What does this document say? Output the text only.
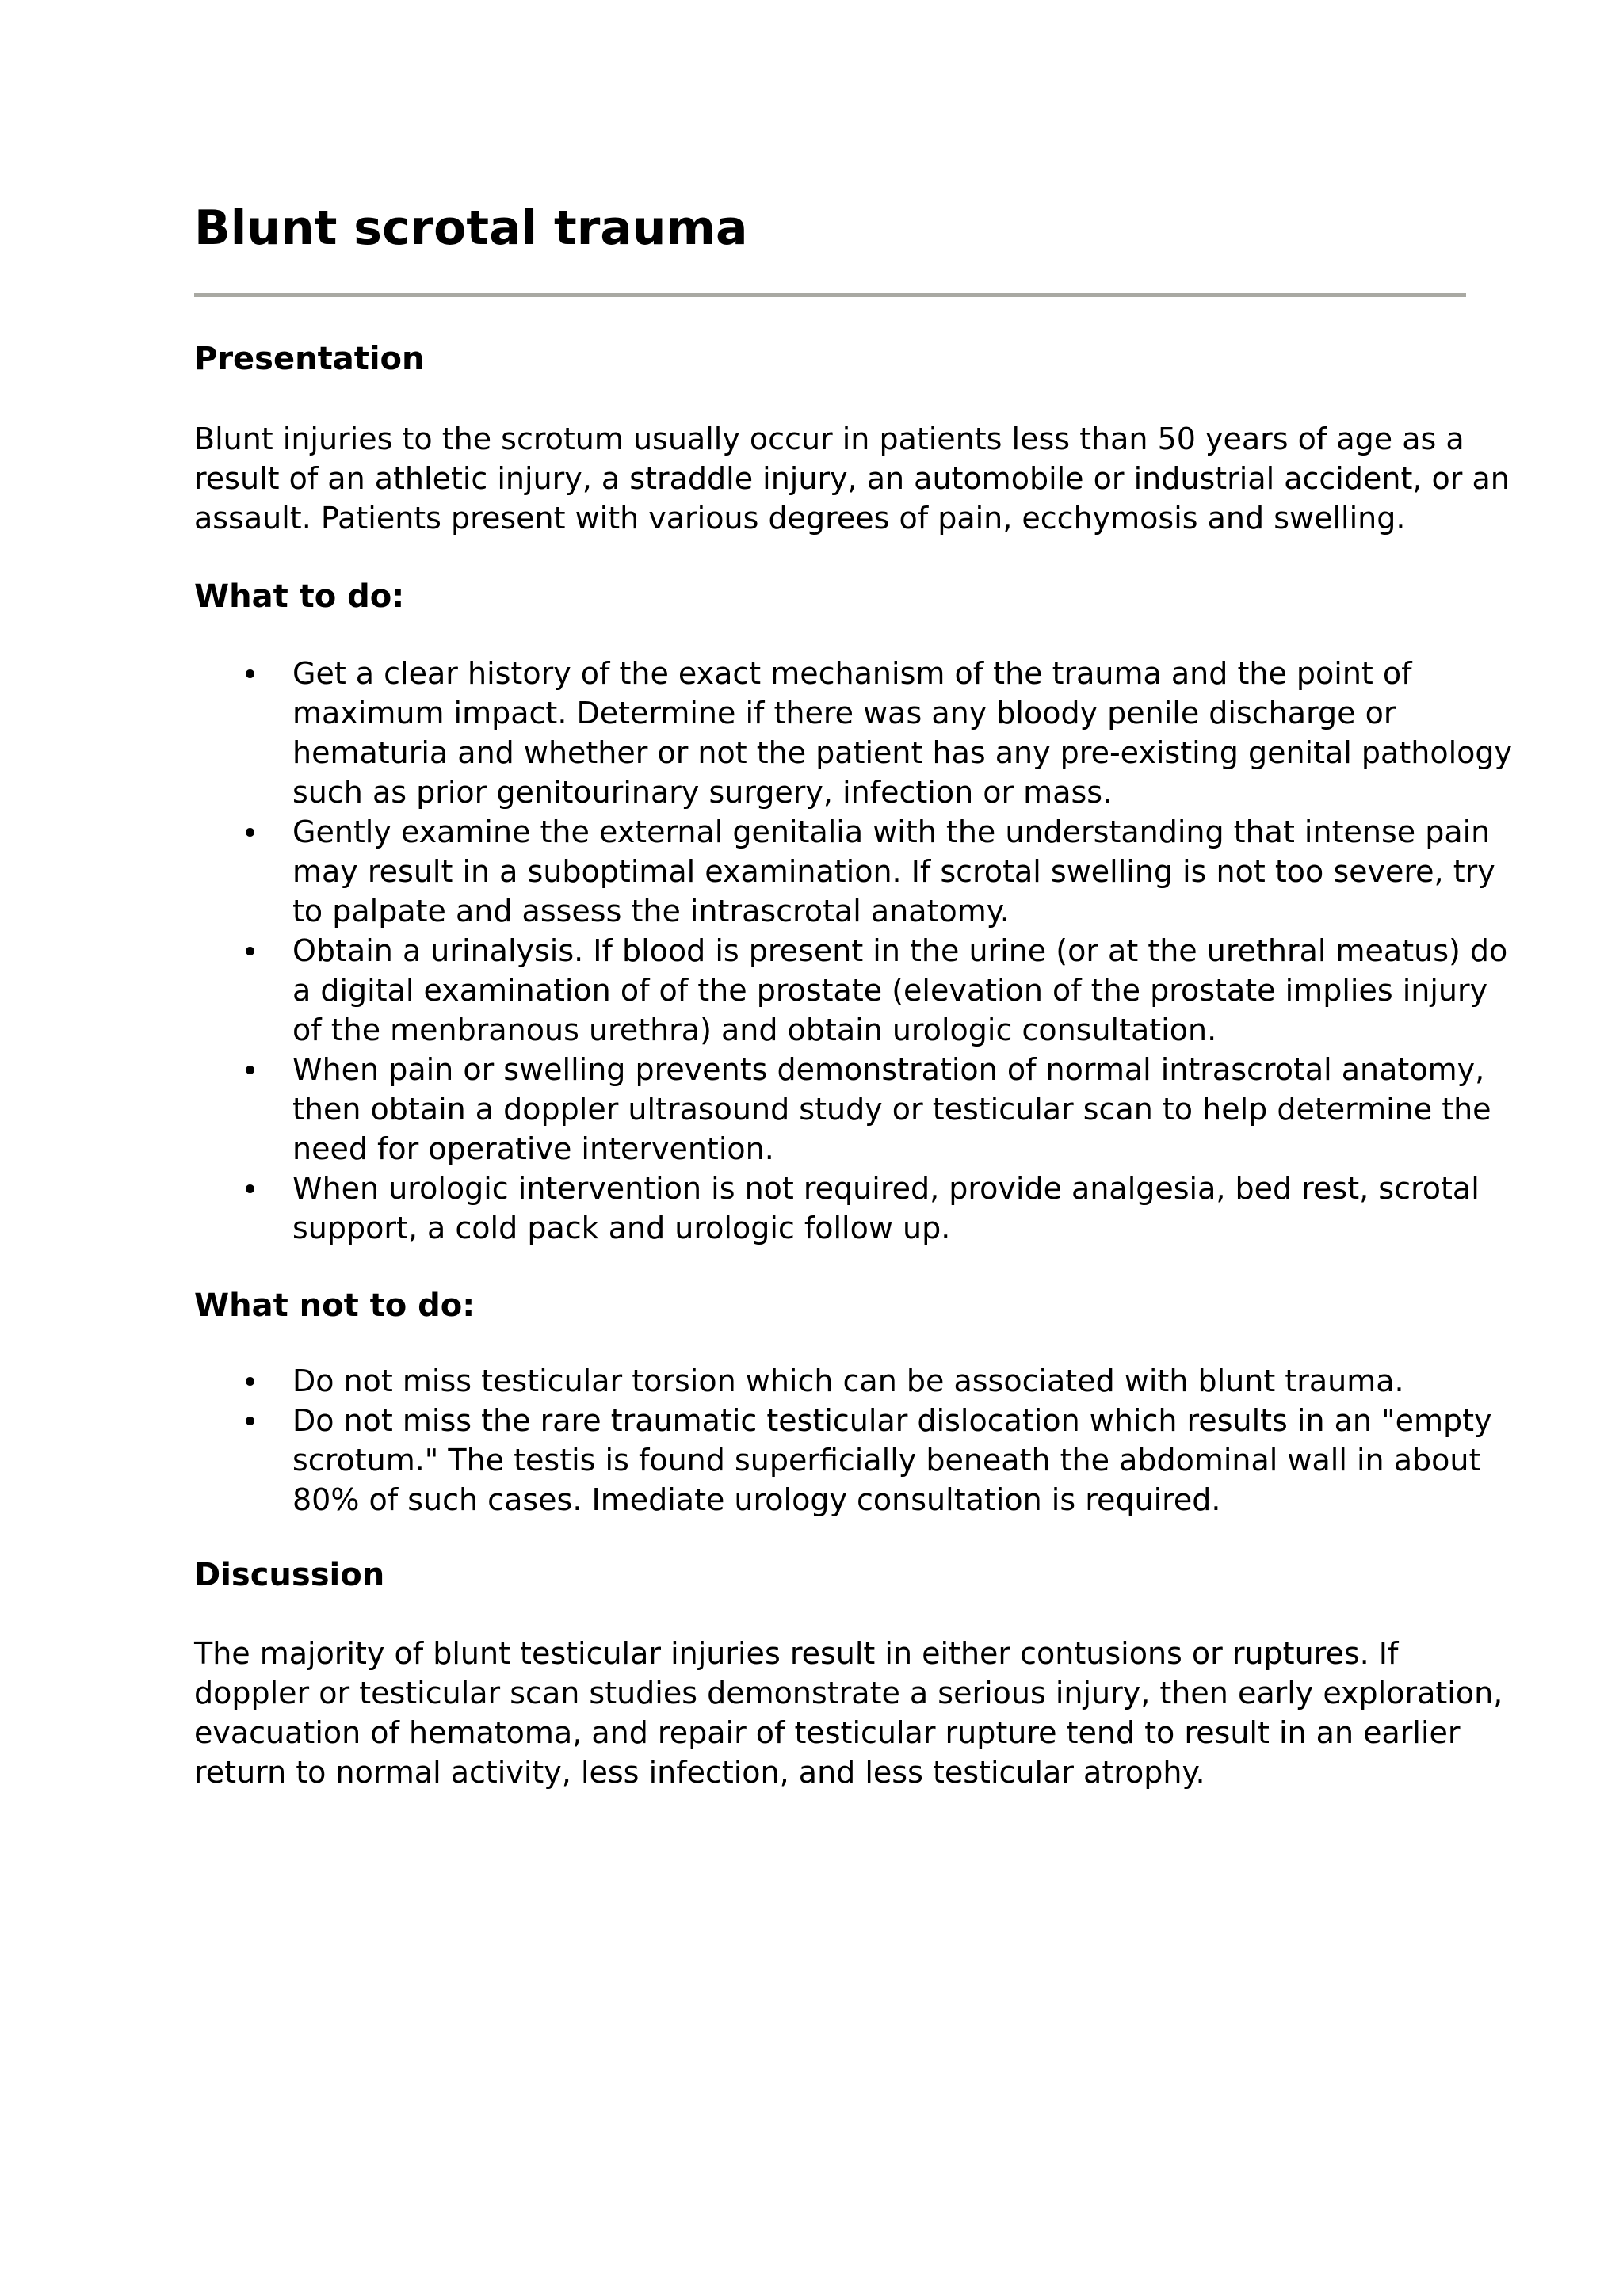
Blunt scrotal trauma
Presentation

Blunt injuries to the scrotum usually occur in patients less than 50 years of age as a
result of an athletic injury, a straddle injury, an automobile or industrial accident, or an
assault. Patients present with various degrees of pain, ecchymosis and swelling.

What to do:
Get a clear history of the exact mechanism of the trauma and the point of
maximum impact. Determine if there was any bloody penile discharge or
hematuria and whether or not the patient has any pre-existing genital pathology
such as prior genitourinary surgery, infection or mass.
Gently examine the external genitalia with the understanding that intense pain
may result in a suboptimal examination. If scrotal swelling is not too severe, try
to palpate and assess the intrascrotal anatomy.
Obtain a urinalysis. If blood is present in the urine (or at the urethral meatus) do
a digital examination of of the prostate (elevation of the prostate implies injury
of the menbranous urethra) and obtain urologic consultation.
When pain or swelling prevents demonstration of normal intrascrotal anatomy,
then obtain a doppler ultrasound study or testicular scan to help determine the
need for operative intervention.
When urologic intervention is not required, provide analgesia, bed rest, scrotal
support, a cold pack and urologic follow up.
What not to do:
Do not miss testicular torsion which can be associated with blunt trauma.
Do not miss the rare traumatic testicular dislocation which results in an "empty
scrotum." The testis is found superficially beneath the abdominal wall in about
80% of such cases. Imediate urology consultation is required.
Discussion

The majority of blunt testicular injuries result in either contusions or ruptures. If
doppler or testicular scan studies demonstrate a serious injury, then early exploration,
evacuation of hematoma, and repair of testicular rupture tend to result in an earlier
return to normal activity, less infection, and less testicular atrophy.
